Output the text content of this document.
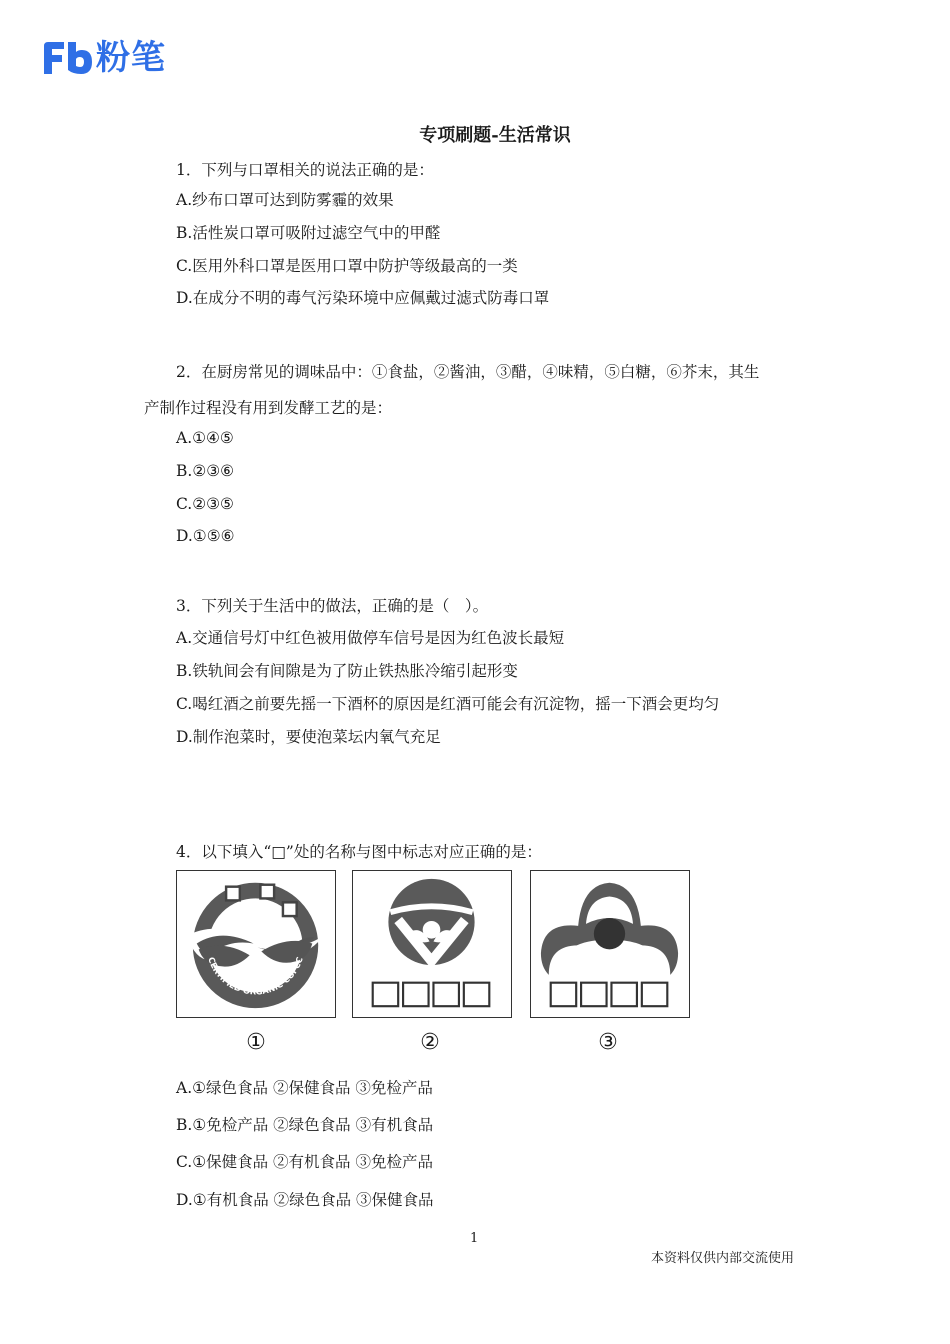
粉笔
专项刷题-生活常识
1．下列与口罩相关的说法正确的是：
A.纱布口罩可达到防雾霾的效果
B.活性炭口罩可吸附过滤空气中的甲醛
C.医用外科口罩是医用口罩中防护等级最高的一类
D.在成分不明的毒气污染环境中应佩戴过滤式防毒口罩
2．在厨房常见的调味品中：①食盐，②酱油，③醋，④味精，⑤白糖，⑥芥末，其生
产制作过程没有用到发酵工艺的是：
A.①④⑤
B.②③⑥
C.②③⑤
D.①⑤⑥
3．下列关于生活中的做法，正确的是（　）。
A.交通信号灯中红色被用做停车信号是因为红色波长最短
B.铁轨间会有间隙是为了防止铁热胀冷缩引起形变
C.喝红酒之前要先摇一下酒杯的原因是红酒可能会有沉淀物，摇一下酒会更均匀
D.制作泡菜时，要使泡菜坛内氧气充足
4．以下填入“□”处的名称与图中标志对应正确的是：
CERTIFIED ORGANIC COFCC
①	②	③
A.①绿色食品 ②保健食品 ③免检产品
B.①免检产品 ②绿色食品 ③有机食品
C.①保健食品 ②有机食品 ③免检产品
D.①有机食品 ②绿色食品 ③保健食品
1
本资料仅供内部交流使用
